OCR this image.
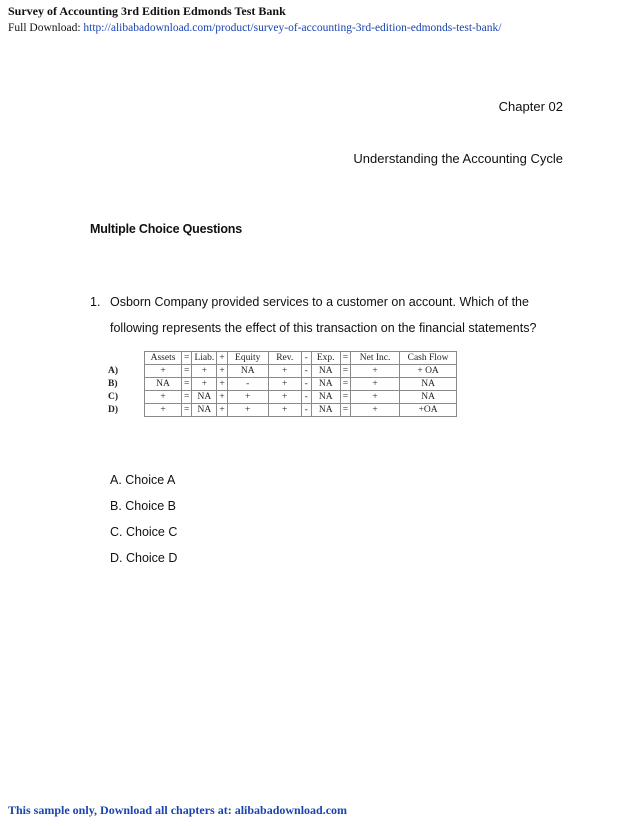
Survey of Accounting 3rd Edition Edmonds Test Bank
Full Download: http://alibabadownload.com/product/survey-of-accounting-3rd-edition-edmonds-test-bank/
Chapter 02
Understanding the Accounting Cycle
Multiple Choice Questions
1. Osborn Company provided services to a customer on account. Which of the following represents the effect of this transaction on the financial statements?
	Assets	=	Liab.	+	Equity	Rev.	-	Exp.	=	Net Inc.	Cash Flow
A)	+	=	+	+	NA	+	-	NA	=	+	+ OA
B)	NA	=	+	+	-	+	-	NA	=	+	NA
C)	+	=	NA	+	+	+	-	NA	=	+	NA
D)	+	=	NA	+	+	+	-	NA	=	+	+OA
A. Choice A
B. Choice B
C. Choice C
D. Choice D
This sample only, Download all chapters at: alibabadownload.com
